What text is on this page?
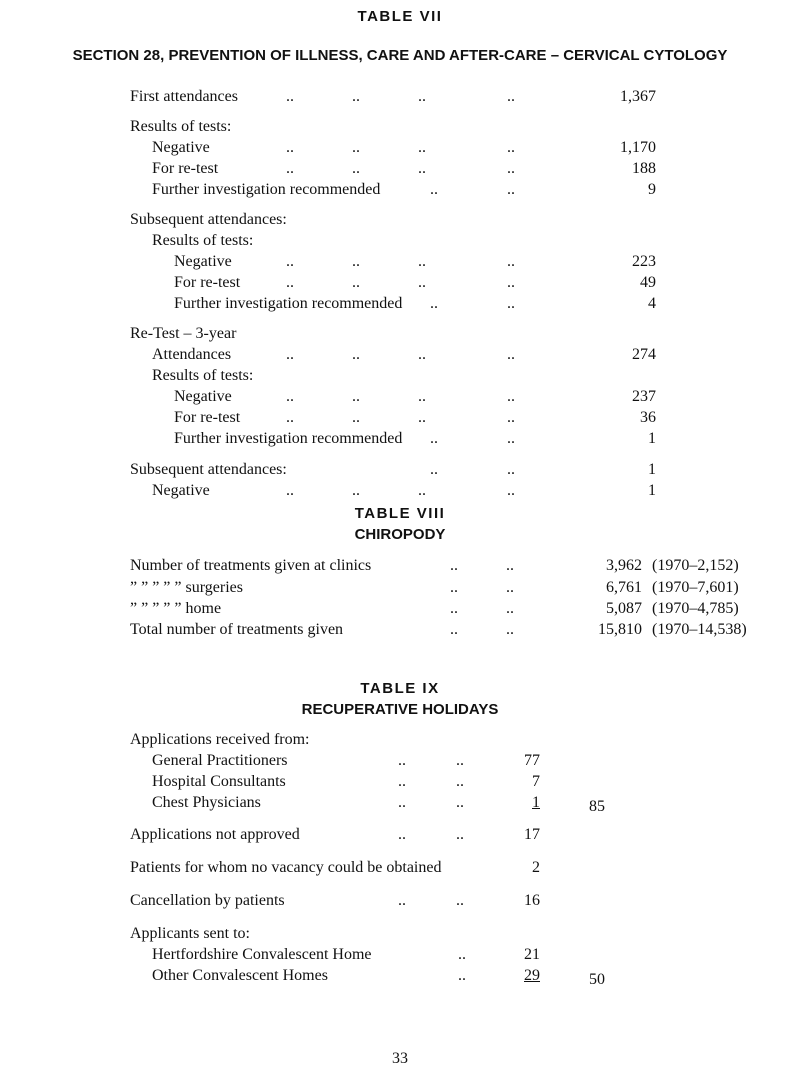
TABLE VII
SECTION 28, PREVENTION OF ILLNESS, CARE AND AFTER-CARE – CERVICAL CYTOLOGY
First attendances	..	..	..	..	1,367
Results of tests:
Negative	..	..	..	..	1,170
For re-test	..	..	..	..	188
Further investigation recommended	..	..	9
Subsequent attendances:
Results of tests:
Negative	..	..	..	..	223
For re-test	..	..	..	..	49
Further investigation recommended ..	..	4
Re-Test – 3-year
Attendances	..	..	..	..	274
Results of tests:
Negative	..	..	..	..	237
For re-test	..	..	..	..	36
Further investigation recommended ..	..	1
Subsequent attendances:	..	..	1
Negative	..	..	..	..	1
TABLE VIII
CHIROPODY
Number of treatments given at clinics	..	..	3,962 (1970–2,152)
” ” ” ” ” surgeries	..	..	6,761 (1970–7,601)
” ” ” ” ” home	..	..	5,087 (1970–4,785)
Total number of treatments given	..	..	15,810 (1970–14,538)
TABLE IX
RECUPERATIVE HOLIDAYS
Applications received from:
General Practitioners	..	..	77
Hospital Consultants	..	..	7
Chest Physicians	..	..	1	85
Applications not approved	..	..	17
Patients for whom no vacancy could be obtained	2
Cancellation by patients	..	..	16
Applicants sent to:
Hertfordshire Convalescent Home	..	21
Other Convalescent Homes	..	29	50
33
